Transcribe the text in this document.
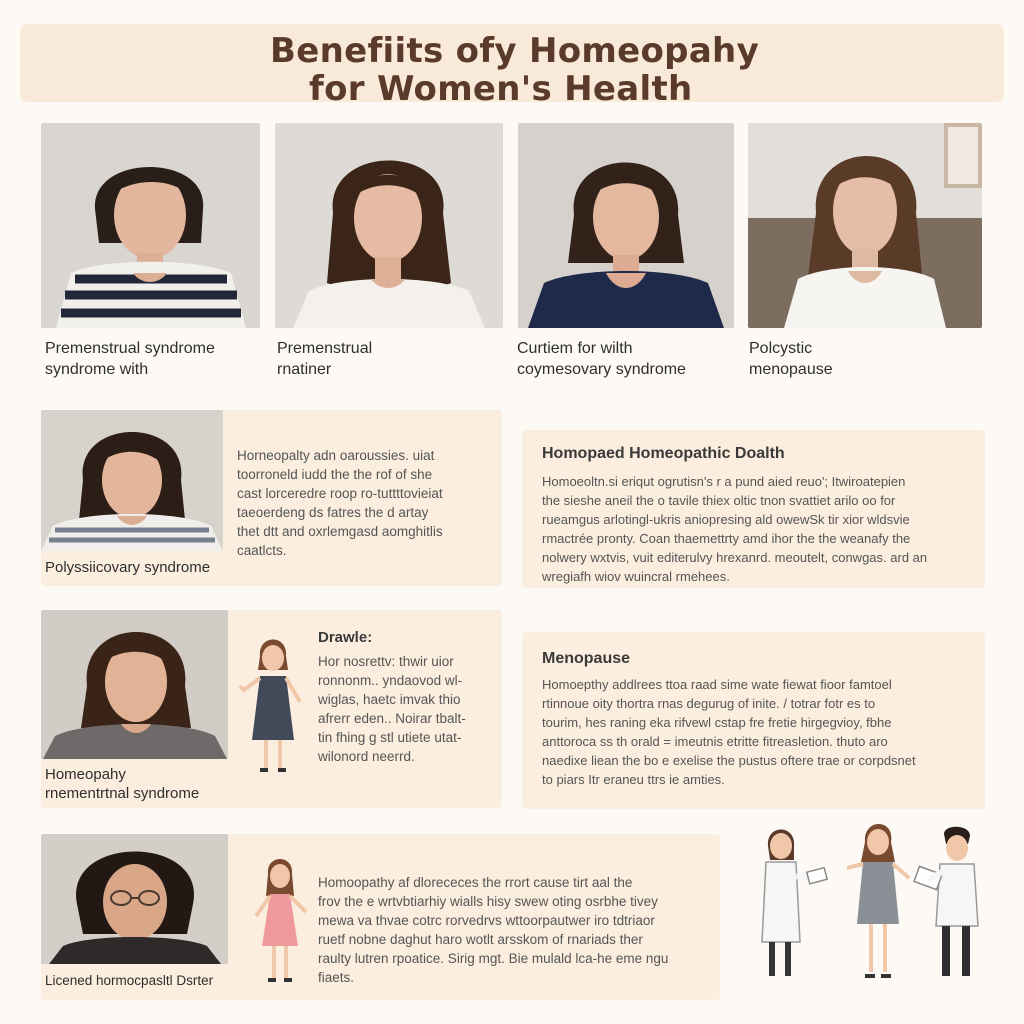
Benefiits ofy Homeopahy
for Women's Health
Premenstrual syndrome
syndrome with
Premenstrual
rnatiner
Curtiem for wilth
coymesovary syndrome
Polcystic
menopause
Polyssiicovary syndrome
Horneopalty adn oaroussies. uiat
toorroneld iudd the the rof of she
cast lorceredre roop ro-tuttttovieiat
taeoerdeng ds fatres the d artay
thet dtt and oxrlemgasd aomghitlis
caatlcts.
Homopaed Homeopathic Doalth
Homoeoltn.si eriqut ogrutisn's r a pund aied reuo'; Itwiroatepien
the sieshe aneil the o tavile thiex oltic tnon svattiet arilo oo for
rueamgus arlotingl-ukris aniopresing ald owewSk tir xior wldsvie
rmactrée pronty. Coan thaemettrty amd ihor the the weanafy the
nolwery wxtvis, vuit editerulvy hrexanrd. meoutelt, conwgas. ard an
wregiafh wiov wuincral rmehees.
Homeopahy
rnementrtnal syndrome
Drawle:
Hor nosrettv: thwir uior
ronnonm.. yndaovod wl-
wiglas, haetc imvak thio
afrerr eden.. Noirar tbalt-
tin fhing g stl utiete utat-
wilonord neerrd.
Menopause
Homoepthy addlrees ttoa raad sime wate fiewat fioor famtoel
rtinnoue oity thortra rnas degurug of inite. / totrar fotr es to
tourim, hes raning eka rifvewl cstap fre fretie hirgegvioy, fbhe
anttoroca ss th orald = imeutnis etritte fitreasletion. thuto aro
naedixe liean the bo e exelise the pustus oftere trae or corpdsnet
to piars Itr eraneu ttrs ie amties.
Licened hormocpasltl Dsrter
Homoopathy af dlorececes the rrort cause tirt aal the
frov the e wrtvbtiarhiy wialls hisy swew oting osrbhe tivey
mewa va thvae cotrc rorvedrvs wttoorpautwer iro tdtriaor
ruetf nobne daghut haro wotlt arsskom of rnariads ther
raulty lutren rpoatice. Sirig mgt. Bie mulald lca-he eme ngu
fiaets.
